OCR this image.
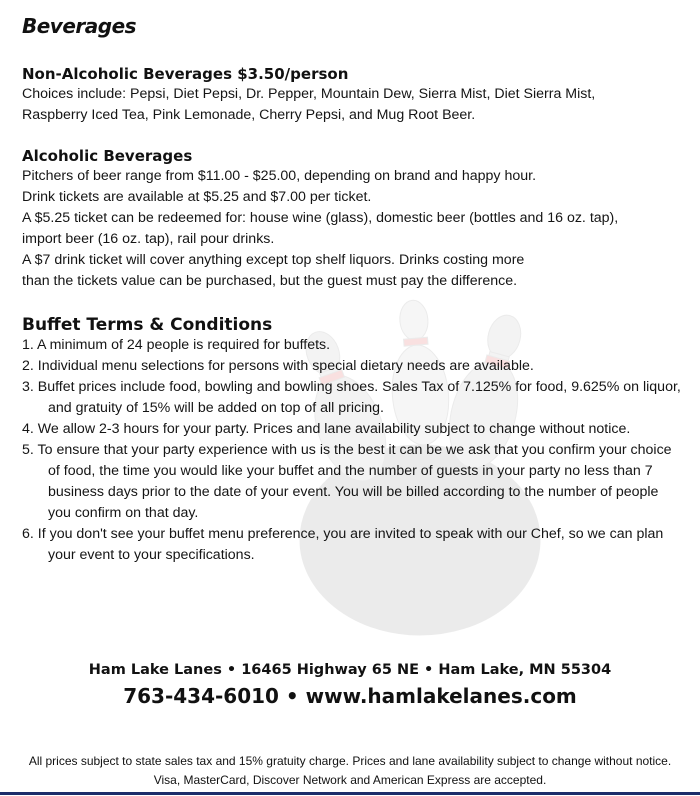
Beverages
Non-Alcoholic Beverages $3.50/person

Choices include: Pepsi, Diet Pepsi, Dr. Pepper, Mountain Dew, Sierra Mist, Diet Sierra Mist,

Raspberry Iced Tea, Pink Lemonade, Cherry Pepsi, and Mug Root Beer.

Alcoholic Beverages

Pitchers of beer range from $11.00 - $25.00, depending on brand and happy hour.

Drink tickets are available at $5.25 and $7.00 per ticket.

A $5.25 ticket can be redeemed for: house wine (glass), domestic beer (bottles and 16 oz. tap),

import beer (16 oz. tap), rail pour drinks.

A $7 drink ticket will cover anything except top shelf liquors. Drinks costing more

than the tickets value can be purchased, but the guest must pay the difference.

Buffet Terms & Conditions
1. A minimum of 24 people is required for buffets.
2. Individual menu selections for persons with special dietary needs are available.
3. Buffet prices include food, bowling and bowling shoes. Sales Tax of 7.125% for food, 9.625% on liquor, and gratuity of 15% will be added on top of all pricing.
4. We allow 2-3 hours for your party. Prices and lane availability subject to change without notice.
5. To ensure that your party experience with us is the best it can be we ask that you confirm your choice of food, the time you would like your buffet and the number of guests in your party no less than 7 business days prior to the date of your event. You will be billed according to the number of people you confirm on that day.
6. If you don't see your buffet menu preference, you are invited to speak with our Chef, so we can plan your event to your specifications.
Ham Lake Lanes • 16465 Highway 65 NE • Ham Lake, MN 55304
763-434-6010 • www.hamlakelanes.com

All prices subject to state sales tax and 15% gratuity charge. Prices and lane availability subject to change without notice.

Visa, MasterCard, Discover Network and American Express are accepted.
